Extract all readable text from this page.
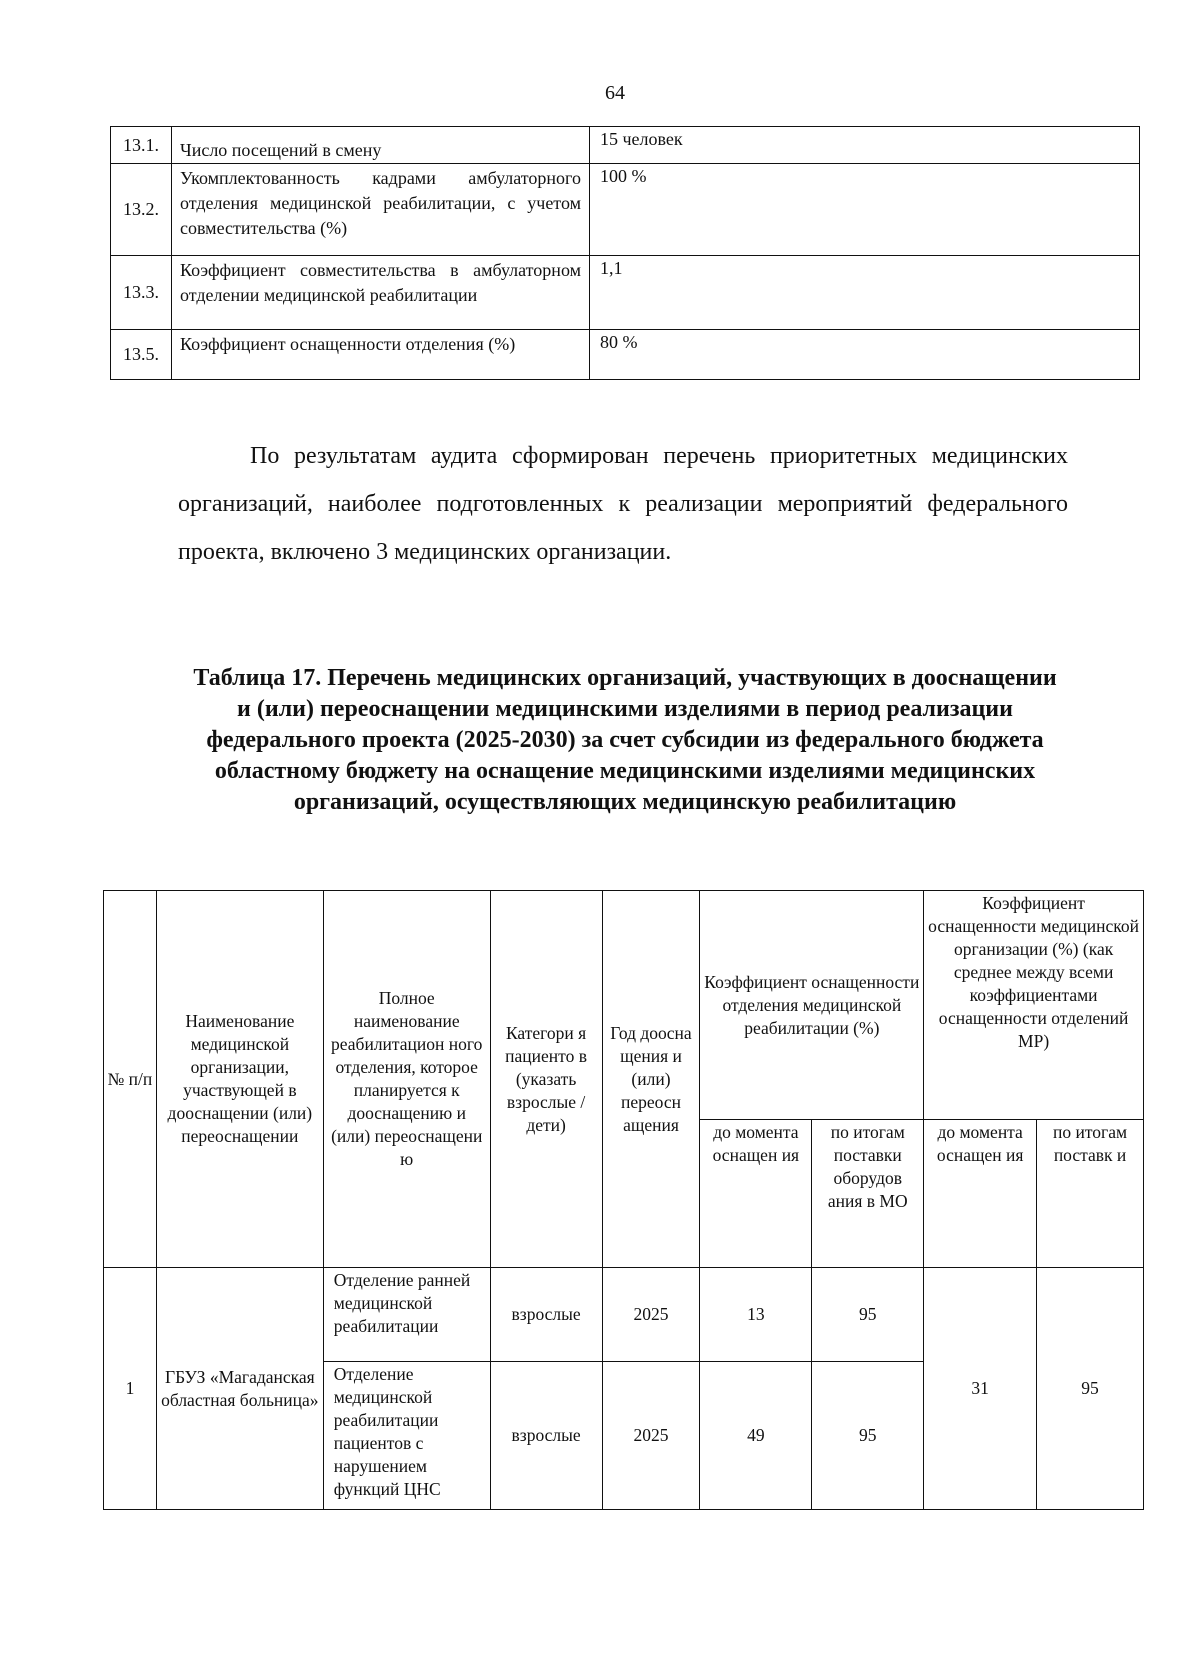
64
13.1.	Число посещений в смену	15 человек
13.2.	Укомплектованность кадрами амбулаторного отделения медицинской реабилитации, с учетом совместительства (%)	100 %
13.3.	Коэффициент совместительства в амбулаторном отделении медицинской реабилитации	1,1
13.5.	Коэффициент оснащенности отделения (%)	80 %

По результатам аудита сформирован перечень приоритетных медицинских организаций, наиболее подготовленных к реализации мероприятий федерального проекта, включено 3 медицинских организации.

Таблица 17. Перечень медицинских организаций, участвующих в дооснащении и (или) переоснащении медицинскими изделиями в период реализации федерального проекта (2025-2030) за счет субсидии из федерального бюджета областному бюджету на оснащение медицинскими изделиями медицинских организаций, осуществляющих медицинскую реабилитацию
№ п/п	Наименование медицинской организации, участвующей в дооснащении (или) переоснащении	Полное наименование реабилитацион ного отделения, которое планируется к дооснащению и (или) переоснащени ю	Категори я пациенто в (указать взрослые /дети)	Год дооcна щения и (или) переосн ащения	Коэффициент оснащенности отделения медицинской реабилитации (%)		Коэффициент оснащенности медицинской организации (%) (как среднее между всеми коэффициентами оснащенности отделений МР)	
					до момента оснащен ия	по итогам поставки оборудов ания в МО	до момента оснащен ия	по итогам поставк и
1	ГБУЗ «Магаданская областная больница»	Отделение ранней медицинской реабилитации	взрослые	2025	13	95	31	95
		Отделение медицинской реабилитации пациентов с нарушением функций ЦНС	взрослые	2025	49	95		
